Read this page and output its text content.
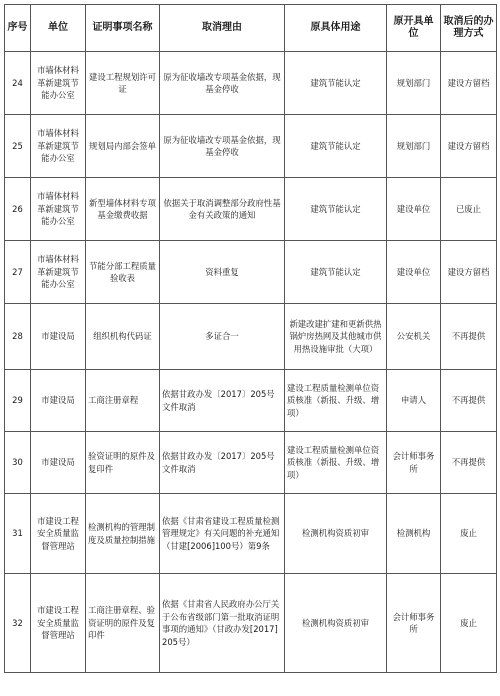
序号	单位	证明事项名称	取消理由	原具体用途	原开具单位	取消后的办理方式
24	市墙体材料革新建筑节能办公室	建设工程规划许可证	原为征收墙改专项基金依据，现基金停收	建筑节能认定	规划部门	建设方留档
25	市墙体材料革新建筑节能办公室	规划局内部会签单	原为征收墙改专项基金依据，现基金停收	建筑节能认定	规划部门	建设方留档
26	市墙体材料革新建筑节能办公室	新型墙体材料专项基金缴费收据	依据关于取消调整部分政府性基金有关政策的通知	建筑节能认定	建设单位	已废止
27	市墙体材料革新建筑节能办公室	节能分部工程质量验收表	资料重复	建筑节能认定	建设单位	建设方留档
28	市建设局	组织机构代码证	多证合一	新建改建扩建和更新供热锅炉房热网及其他城市供用热设施审批（大项）	公安机关	不再提供
29	市建设局	工商注册章程	依据甘政办发〔2017〕205号文件取消	建设工程质量检测单位资质核准（新报、升级、增项）	申请人	不再提供
30	市建设局	验资证明的原件及复印件	依据甘政办发〔2017〕205号文件取消	建设工程质量检测单位资质核准（新报、升级、增项）	会计师事务所	不再提供
31	市建设工程安全质量监督管理站	检测机构的管理制度及质量控制措施	依据《甘肃省建设工程质量检测管理规定》有关问题的补充通知（甘建[2006]100号）第9条	检测机构资质初审	检测机构	废止
32	市建设工程安全质量监督管理站	工商注册章程、验资证明的原件及复印件	依据《甘肃省人民政府办公厅关于公布省级部门第一批取消证明事项的通知》（甘政办发[2017]205号）	检测机构资质初审	会计师事务所	废止
